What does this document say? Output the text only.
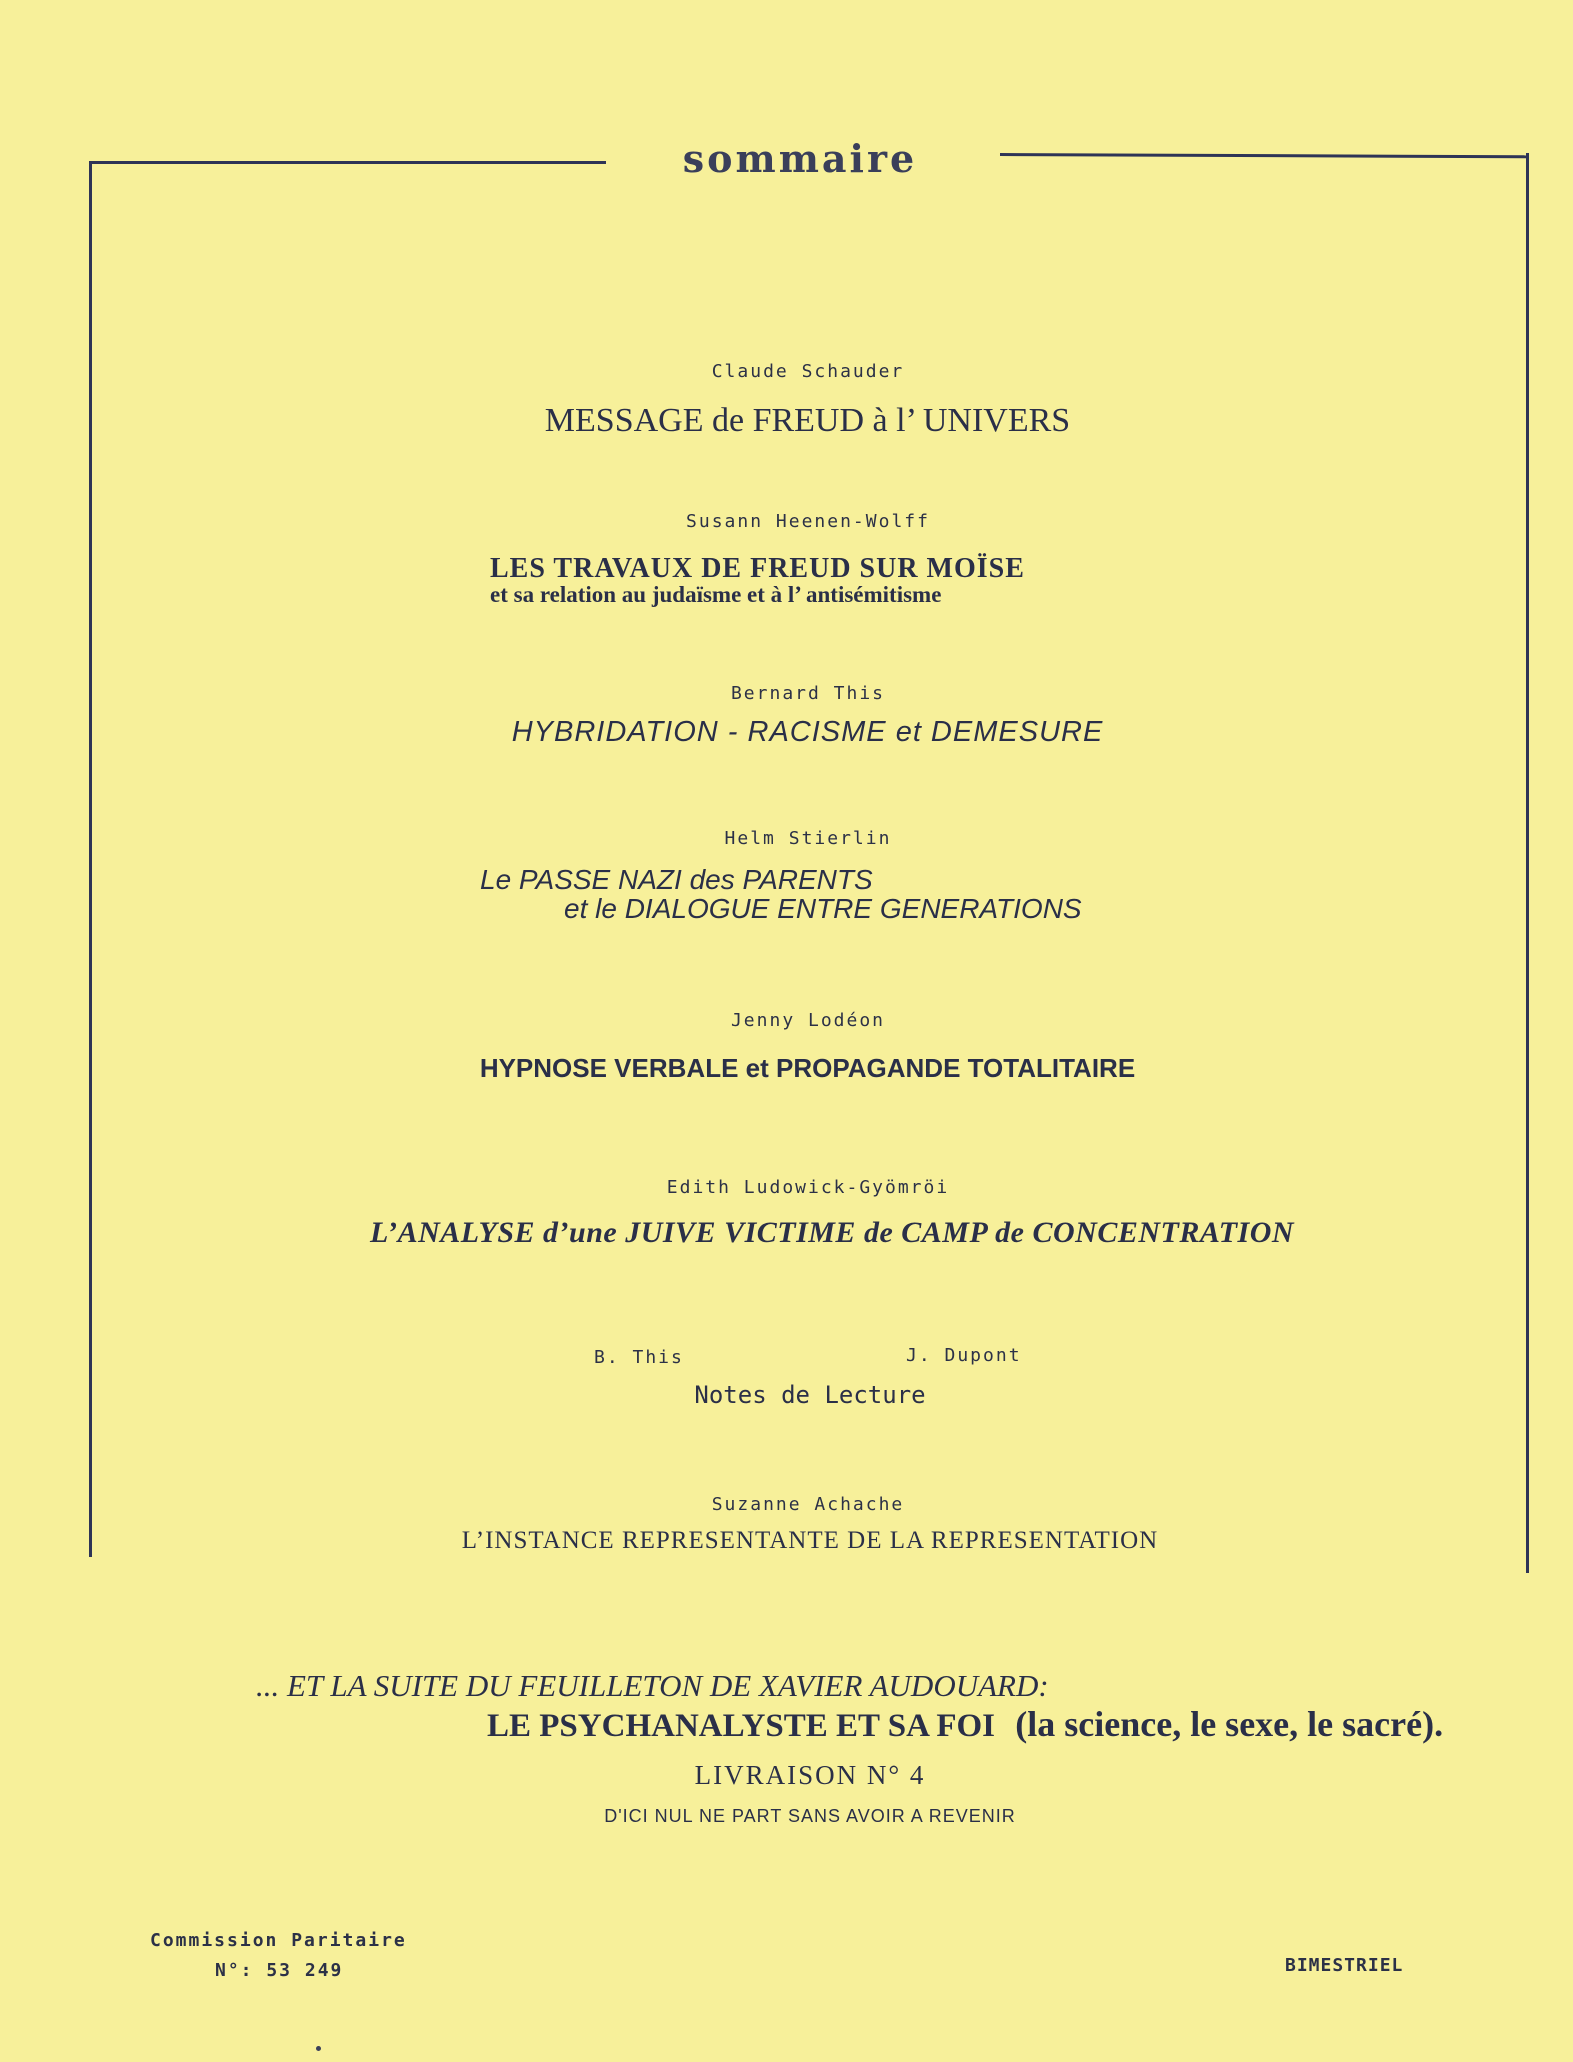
sommaire
Claude Schauder
MESSAGE de FREUD à l’ UNIVERS
Susann Heenen-Wolff
LES TRAVAUX DE FREUD SUR MOÏSE
et sa relation au judaïsme et à l’ antisémitisme
Bernard This
HYBRIDATION - RACISME et DEMESURE
Helm Stierlin
Le PASSE NAZI des PARENTS
et le DIALOGUE ENTRE GENERATIONS
Jenny Lodéon
HYPNOSE VERBALE et PROPAGANDE TOTALITAIRE
Edith Ludowick-Gyömröi
L’ANALYSE d’une JUIVE VICTIME de CAMP de CONCENTRATION
B. This	J. Dupont
Notes de Lecture
Suzanne Achache
L’INSTANCE REPRESENTANTE DE LA REPRESENTATION
... ET LA SUITE DU FEUILLETON DE XAVIER AUDOUARD:
LE PSYCHANALYSTE ET SA FOI (la science, le sexe, le sacré).
LIVRAISON N° 4
D'ICI NUL NE PART SANS AVOIR A REVENIR
Commission Paritaire
N°: 53 249	BIMESTRIEL
